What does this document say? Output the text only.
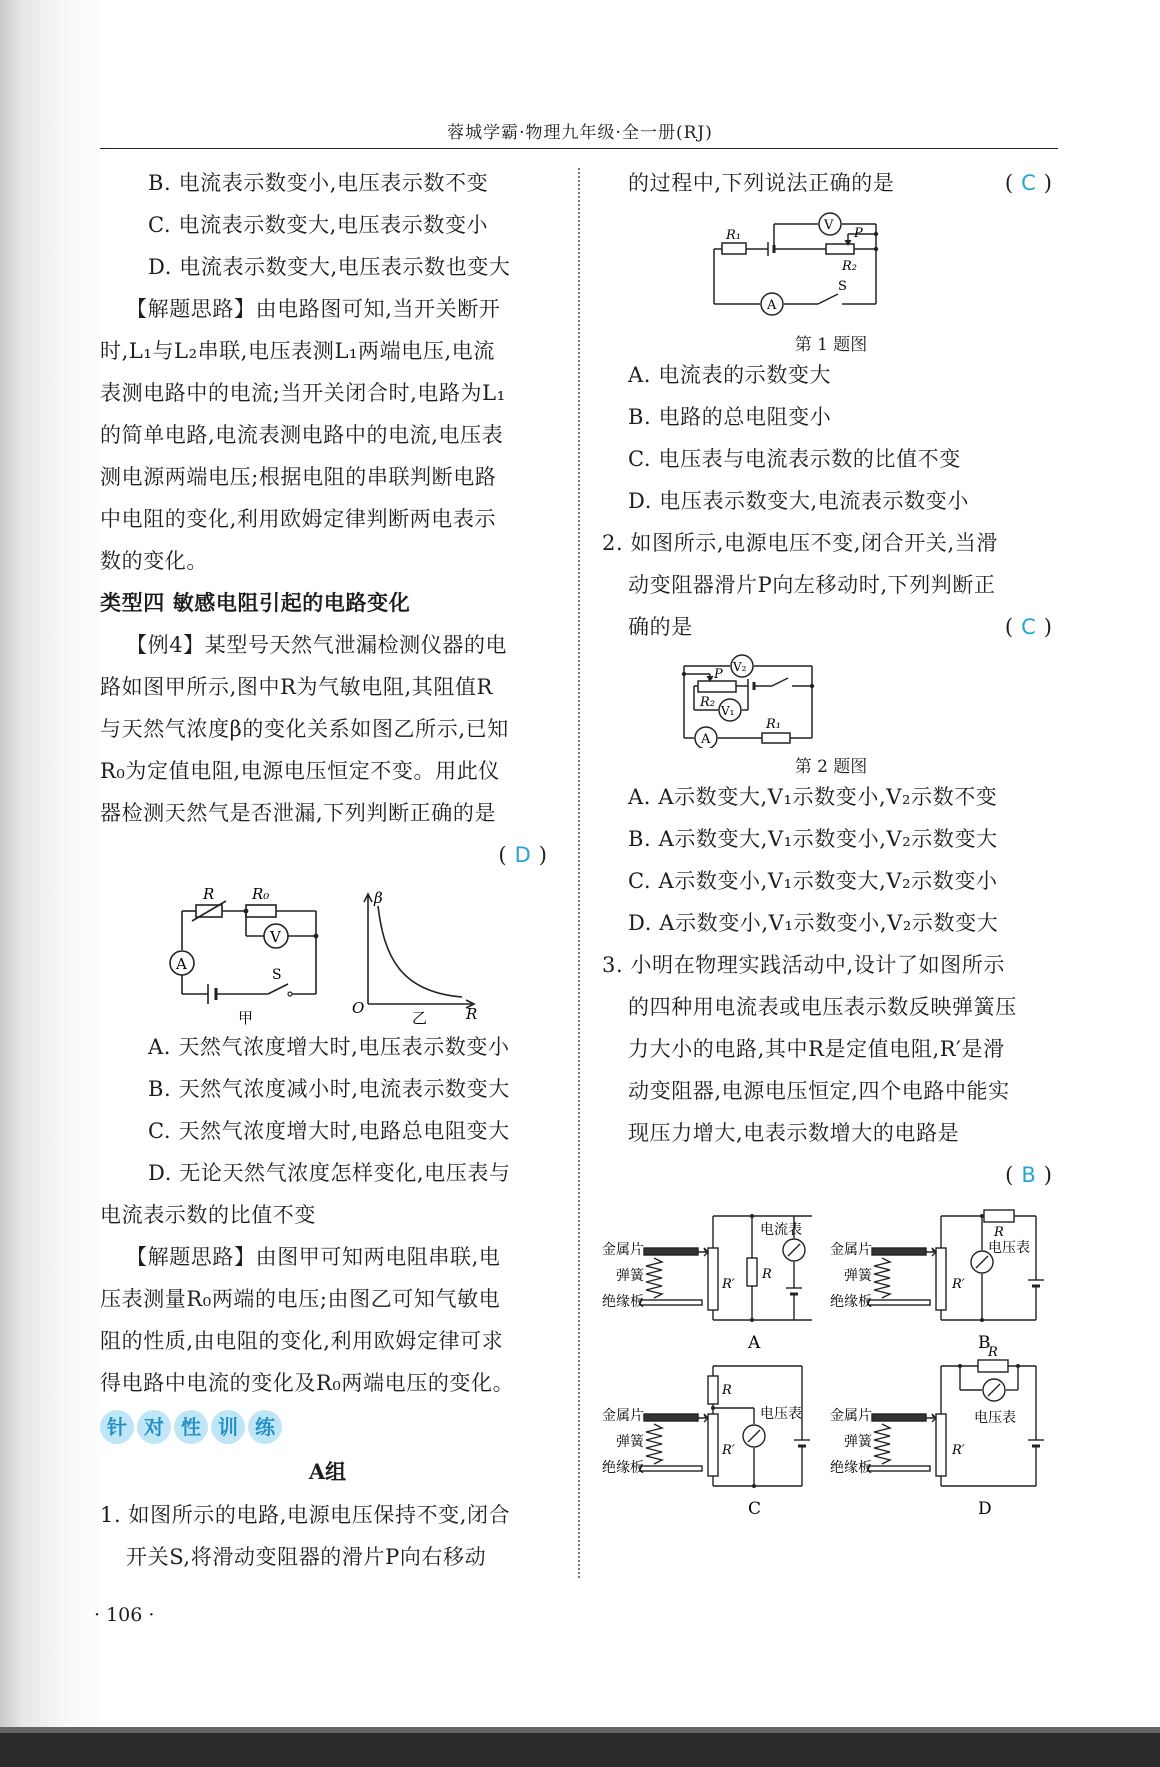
蓉城学霸·物理九年级·全一册(RJ)
B. 电流表示数变小,电压表示数不变
C. 电流表示数变大,电压表示数变小
D. 电流表示数变大,电压表示数也变大
【解题思路】由电路图可知,当开关断开
时,L₁与L₂串联,电压表测L₁两端电压,电流
表测电路中的电流;当开关闭合时,电路为L₁
的简单电路,电流表测电路中的电流,电压表
测电源两端电压;根据电阻的串联判断电路
中电阻的变化,利用欧姆定律判断两电表示
数的变化。
类型四 敏感电阻引起的电路变化
【例4】某型号天然气泄漏检测仪器的电
路如图甲所示,图中R为气敏电阻,其阻值R
与天然气浓度β的变化关系如图乙所示,已知
R₀为定值电阻,电源电压恒定不变。用此仪
器检测天然气是否泄漏,下列判断正确的是
(D)
R	R₀
V
A
S
甲
β
O	R
乙
A. 天然气浓度增大时,电压表示数变小
B. 天然气浓度减小时,电流表示数变大
C. 天然气浓度增大时,电路总电阻变大
D. 无论天然气浓度怎样变化,电压表与
电流表示数的比值不变
【解题思路】由图甲可知两电阻串联,电
压表测量R₀两端的电压;由图乙可知气敏电
阻的性质,由电阻的变化,利用欧姆定律可求
得电路中电流的变化及R₀两端电压的变化。
针 对 性 训 练
A组
1. 如图所示的电路,电源电压保持不变,闭合
开关S,将滑动变阻器的滑片P向右移动
的过程中,下列说法正确的是	(C)
V
R₁	P
R₂
A
S
第 1 题图
A. 电流表的示数变大
B. 电路的总电阻变小
C. 电压表与电流表示数的比值不变
D. 电压表示数变大,电流表示数变小
2. 如图所示,电源电压不变,闭合开关,当滑
动变阻器滑片P向左移动时,下列判断正
确的是	(C)
V₂
P
R₂
V₁
A
R₁
第 2 题图
A. A示数变大,V₁示数变小,V₂示数不变
B. A示数变大,V₁示数变小,V₂示数变大
C. A示数变小,V₁示数变大,V₂示数变小
D. A示数变小,V₁示数变小,V₂示数变大
3. 小明在物理实践活动中,设计了如图所示
的四种用电流表或电压表示数反映弹簧压
力大小的电路,其中R是定值电阻,R′是滑
动变阻器,电源电压恒定,四个电路中能实
现压力增大,电表示数增大的电路是
(B)
金属片
弹簧
绝缘板
R′
R
电流表
A
金属片
弹簧
绝缘板
R′
R
电压表
B
金属片
弹簧
绝缘板
R′
R
电压表
C
金属片
弹簧
绝缘板
R′
R
电压表
D
· 106 ·
